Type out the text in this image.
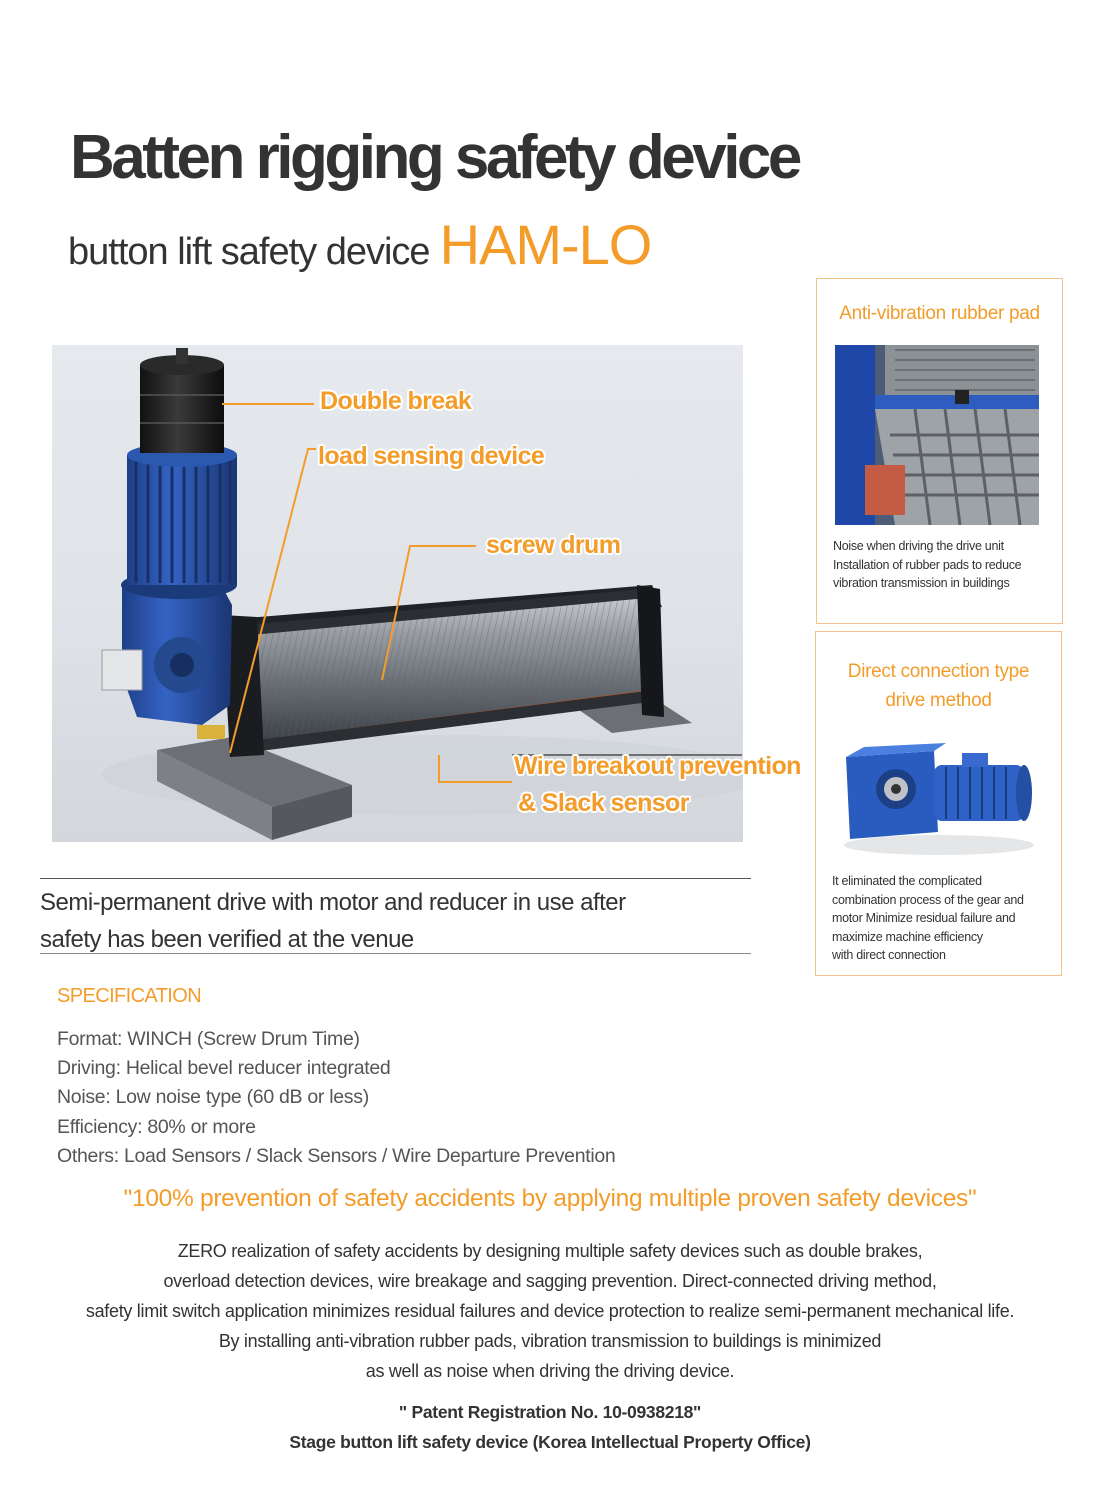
Batten rigging safety device
button lift safety device HAM-LO
Double break
load sensing device
screw drum
Wire breakout prevention
& Slack sensor
Anti-vibration rubber pad
Noise when driving the drive unit
Installation of rubber pads to reduce
vibration transmission in buildings
Direct connection type
drive method
It eliminated the complicated
combination process of the gear and
motor Minimize residual failure and
maximize machine efficiency
with direct connection
Semi-permanent drive with motor and reducer in use after
safety has been verified at the venue
SPECIFICATION
Format: WINCH (Screw Drum Time)
Driving: Helical bevel reducer integrated
Noise: Low noise type (60 dB or less)
Efficiency: 80% or more
Others: Load Sensors / Slack Sensors / Wire Departure Prevention
"100% prevention of safety accidents by applying multiple proven safety devices"
ZERO realization of safety accidents by designing multiple safety devices such as double brakes,
overload detection devices, wire breakage and sagging prevention. Direct-connected driving method,
safety limit switch application minimizes residual failures and device protection to realize semi-permanent mechanical life.
By installing anti-vibration rubber pads, vibration transmission to buildings is minimized
as well as noise when driving the driving device.
" Patent Registration No. 10-0938218"
Stage button lift safety device (Korea Intellectual Property Office)
